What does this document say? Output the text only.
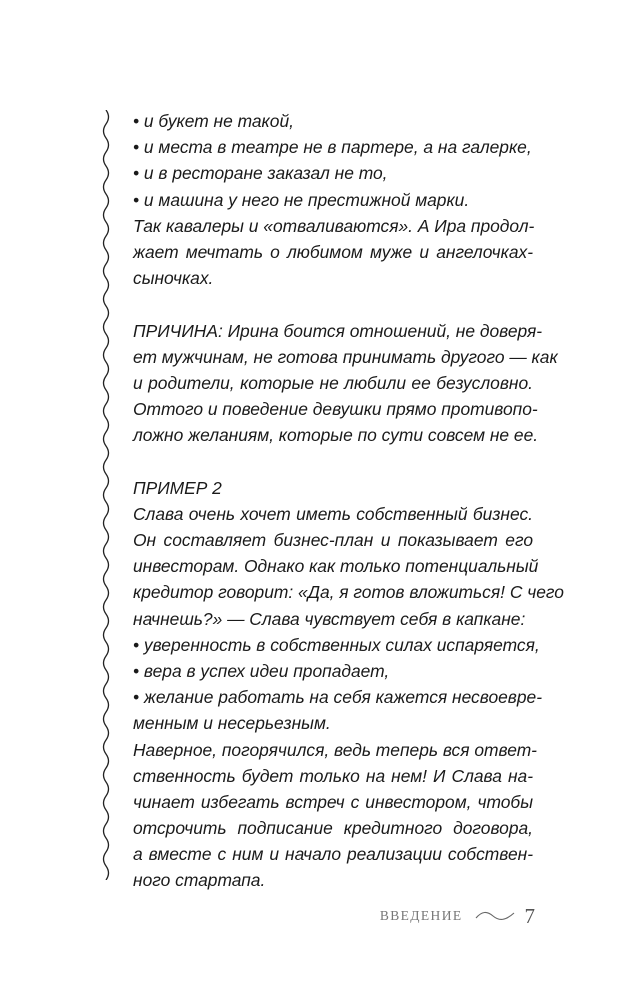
• и букет не такой,
• и места в театре не в партере, а на галерке,
• и в ресторане заказал не то,
• и машина у него не престижной марки.
Так кавалеры и «отваливаются». А Ира продол-
жает мечтать о любимом муже и ангелочках-
сыночках.
ПРИЧИНА: Ирина боится отношений, не доверя-
ет мужчинам, не готова принимать другого — как
и родители, которые не любили ее безусловно.
Оттого и поведение девушки прямо противопо-
ложно желаниям, которые по сути совсем не ее.
ПРИМЕР 2
Слава очень хочет иметь собственный бизнес.
Он составляет бизнес-план и показывает его
инвесторам. Однако как только потенциальный
кредитор говорит: «Да, я готов вложиться! С чего
начнешь?» — Слава чувствует себя в капкане:
• уверенность в собственных силах испаряется,
• вера в успех идеи пропадает,
• желание работать на себя кажется несвоевре-
менным и несерьезным.
Наверное, погорячился, ведь теперь вся ответ-
ственность будет только на нем! И Слава на-
чинает избегать встреч с инвестором, чтобы
отсрочить подписание кредитного договора,
а вместе с ним и начало реализации собствен-
ного стартапа.
ВВЕДЕНИЕ	7
